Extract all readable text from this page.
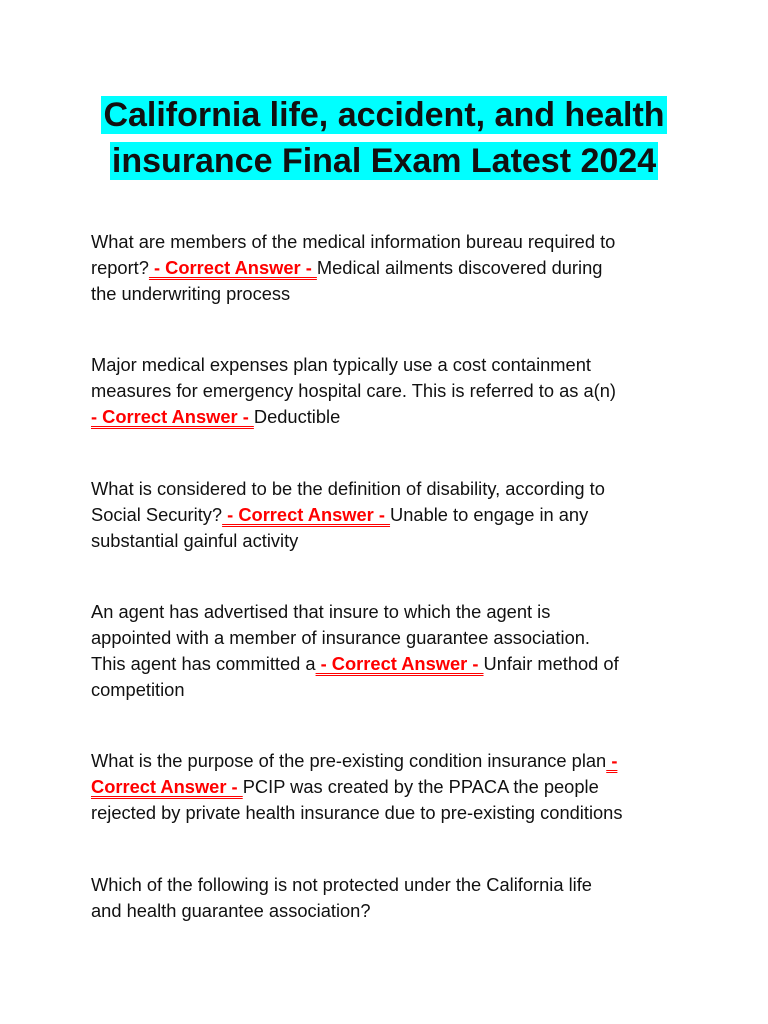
California life, accident, and health
insurance Final Exam Latest 2024

What are members of the medical information bureau required to
report? - Correct Answer - Medical ailments discovered during
the underwriting process

Major medical expenses plan typically use a cost containment
measures for emergency hospital care. This is referred to as a(n)
- Correct Answer - Deductible

What is considered to be the definition of disability, according to
Social Security? - Correct Answer - Unable to engage in any
substantial gainful activity

An agent has advertised that insure to which the agent is
appointed with a member of insurance guarantee association.
This agent has committed a - Correct Answer - Unfair method of
competition

What is the purpose of the pre-existing condition insurance plan -
Correct Answer - PCIP was created by the PPACA the people
rejected by private health insurance due to pre-existing conditions

Which of the following is not protected under the California life
and health guarantee association?
